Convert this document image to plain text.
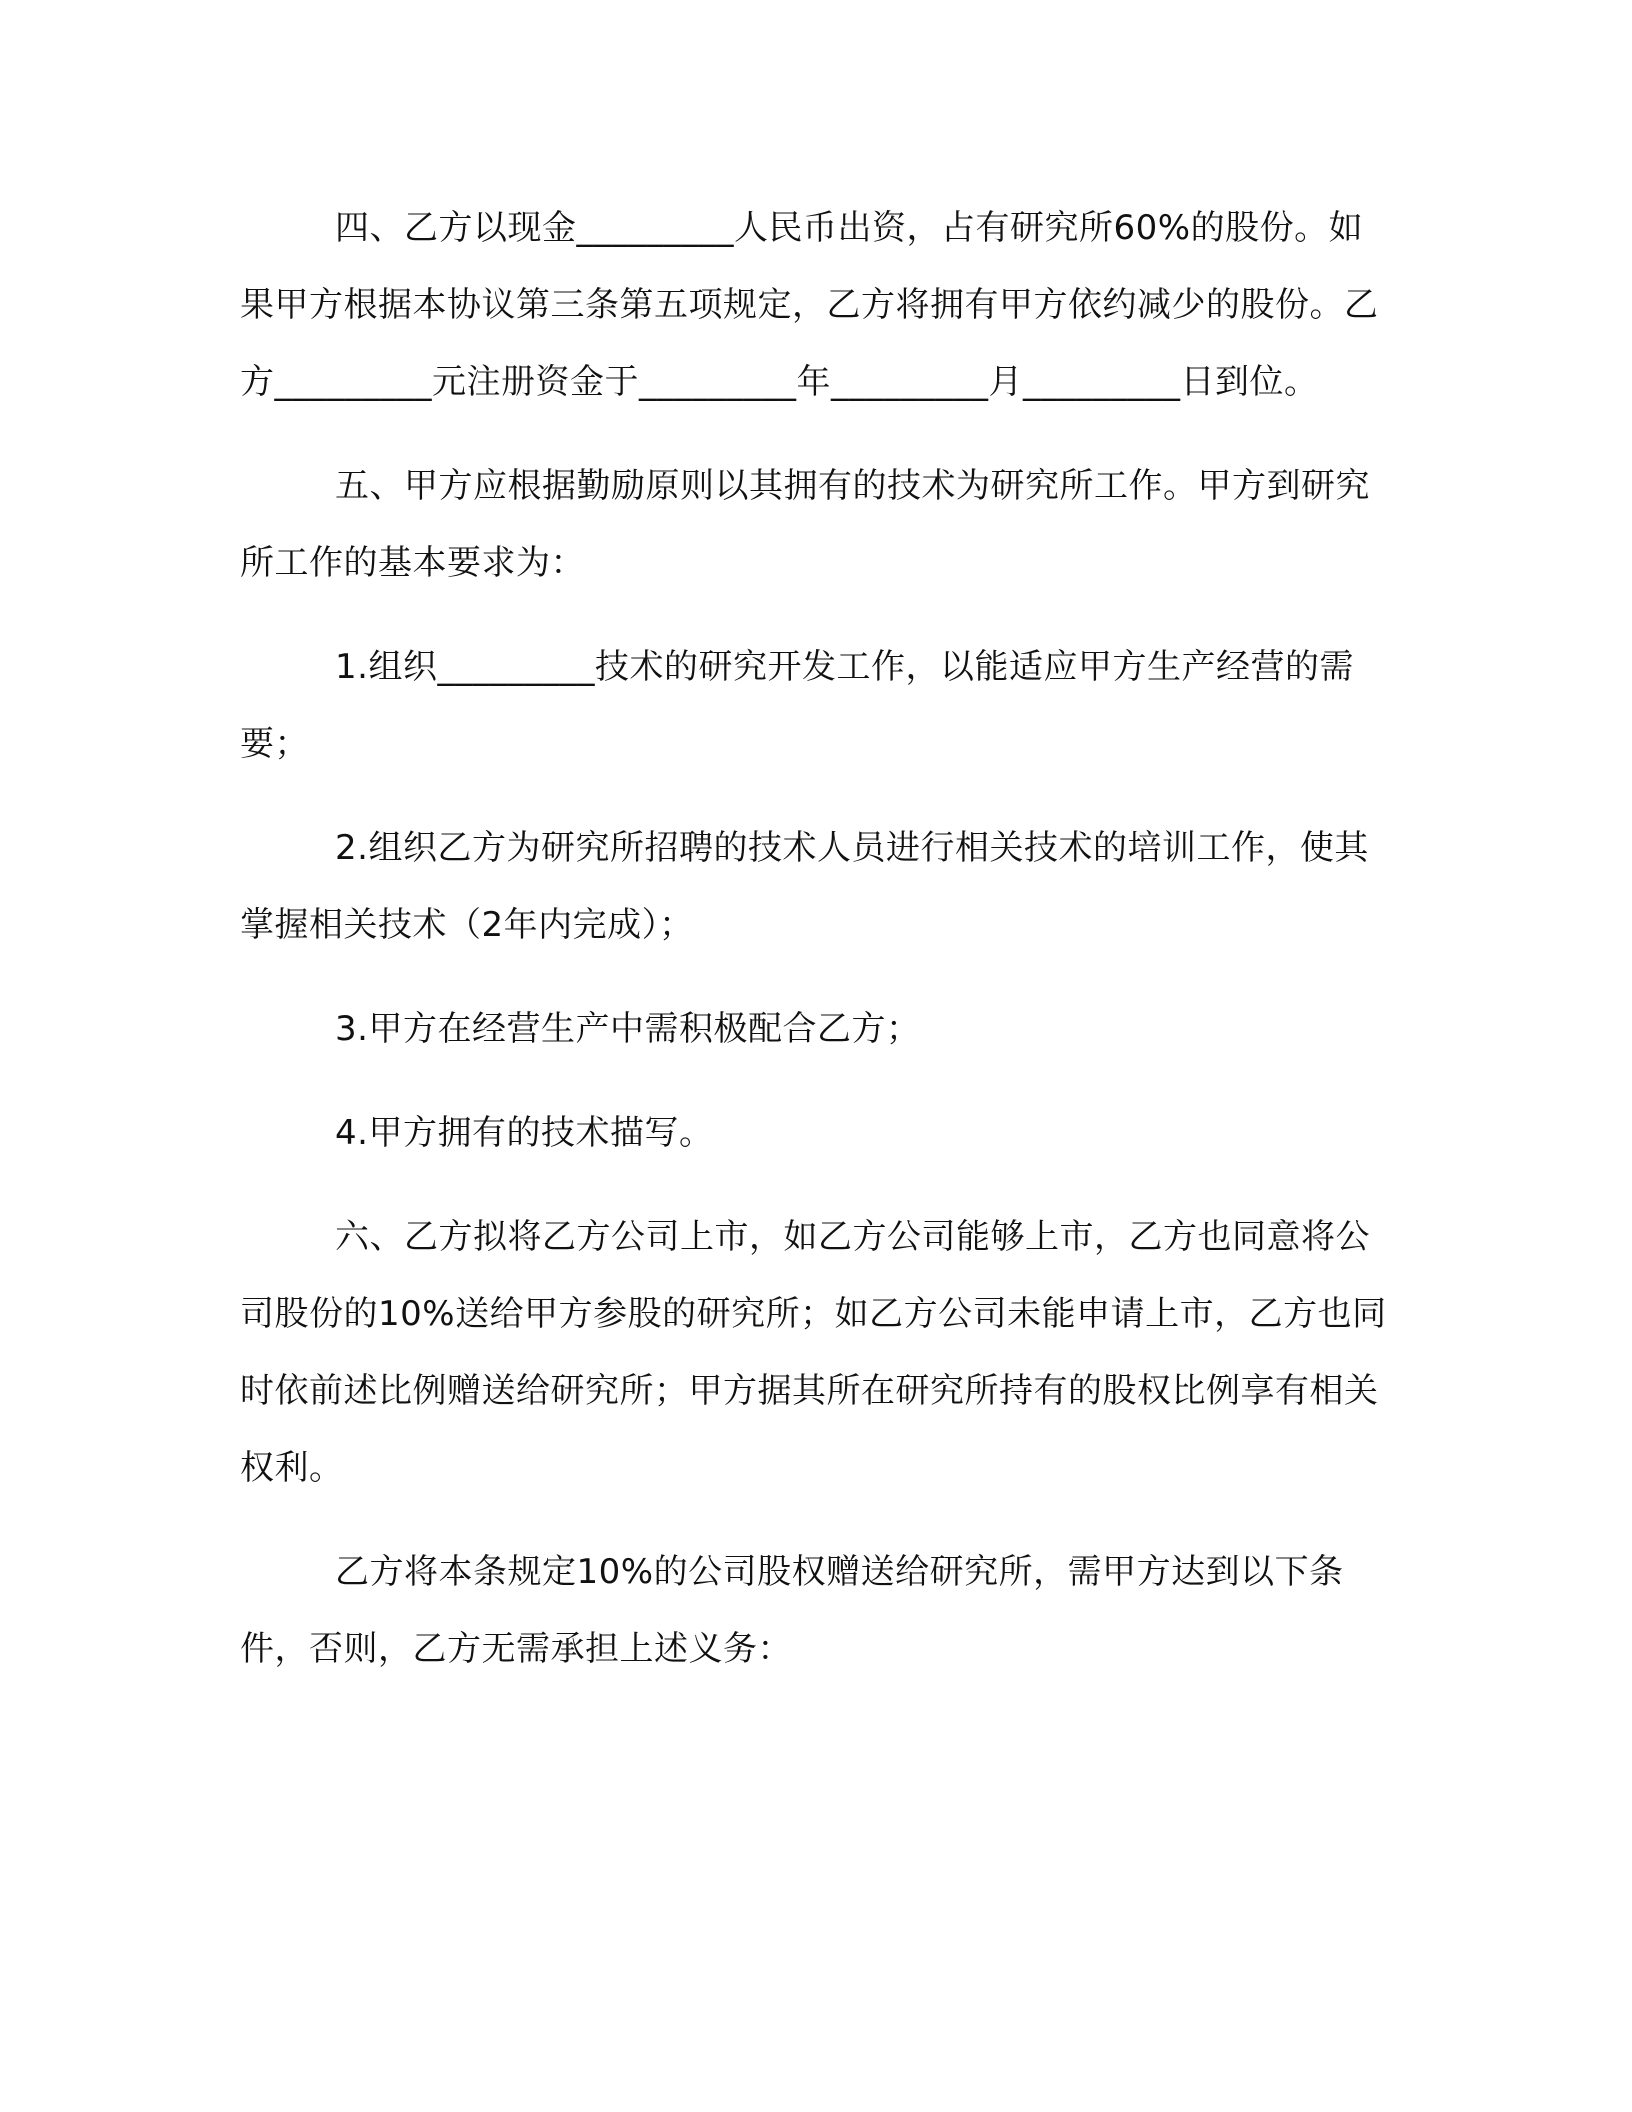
四、乙方以现金_________人民币出资，占有研究所60%的股份。如果甲方根据本协议第三条第五项规定，乙方将拥有甲方依约减少的股份。乙方_________元注册资金于_________年_________月_________日到位。

五、甲方应根据勤励原则以其拥有的技术为研究所工作。甲方到研究所工作的基本要求为：

1.组织_________技术的研究开发工作，以能适应甲方生产经营的需要；

2.组织乙方为研究所招聘的技术人员进行相关技术的培训工作，使其掌握相关技术（2年内完成）；

3.甲方在经营生产中需积极配合乙方；

4.甲方拥有的技术描写。

六、乙方拟将乙方公司上市，如乙方公司能够上市，乙方也同意将公司股份的10%送给甲方参股的研究所；如乙方公司未能申请上市，乙方也同时依前述比例赠送给研究所；甲方据其所在研究所持有的股权比例享有相关权利。

乙方将本条规定10%的公司股权赠送给研究所，需甲方达到以下条件，否则，乙方无需承担上述义务：
